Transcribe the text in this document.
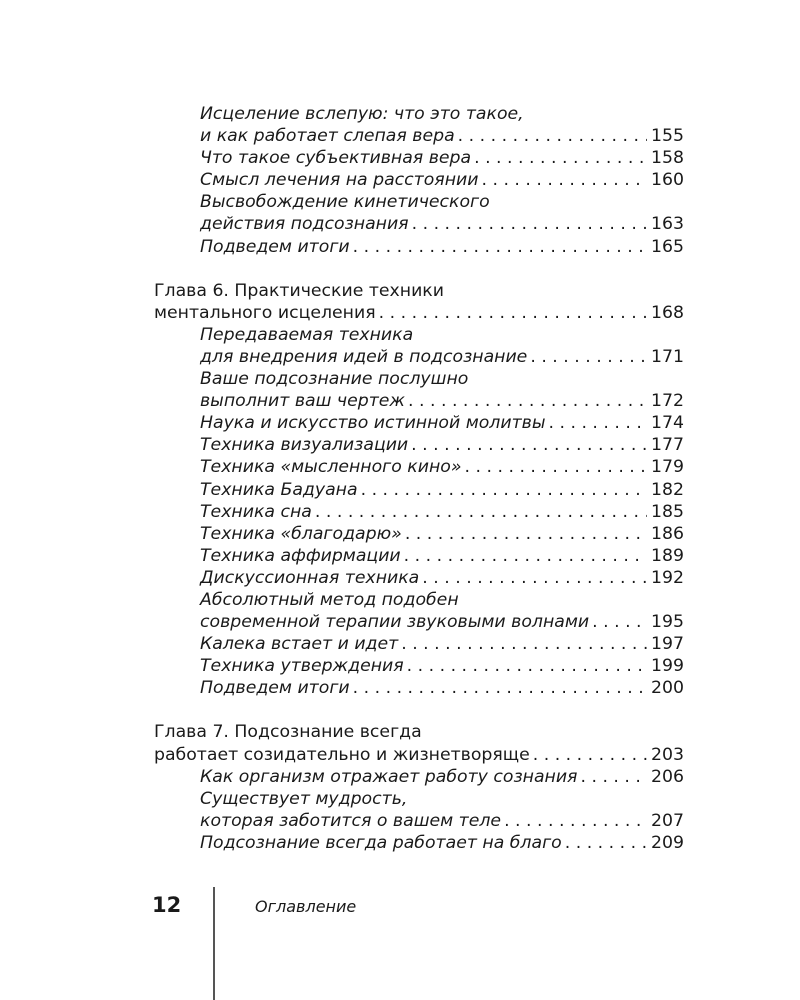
Исцеление вслепую: что это такое,
и как работает слепая вера . . .	155
Что такое субъективная вера . . .	158
Смысл лечения на расстоянии . . .	160
Высвобождение кинетического
действия подсознания . . .	163
Подведем итоги . . .	165
Глава 6. Практические техники
ментального исцеления . . .	168
Передаваемая техника
для внедрения идей в подсознание . . .	171
Ваше подсознание послушно
выполнит ваш чертеж . . .	172
Наука и искусство истинной молитвы . . .	174
Техника визуализации . . .	177
Техника «мысленного кино» . . .	179
Техника Бадуана . . .	182
Техника сна . . .	185
Техника «благодарю» . . .	186
Техника аффирмации . . .	189
Дискуссионная техника . . .	192
Абсолютный метод подобен
современной терапии звуковыми волнами . . .	195
Калека встает и идет . . .	197
Техника утверждения . . .	199
Подведем итоги . . .	200
Глава 7. Подсознание всегда
работает созидательно и жизнетворяще . . .	203
Как организм отражает работу сознания . . .	206
Существует мудрость,
которая заботится о вашем теле . . .	207
Подсознание всегда работает на благо . . .	209
12	Оглавление
